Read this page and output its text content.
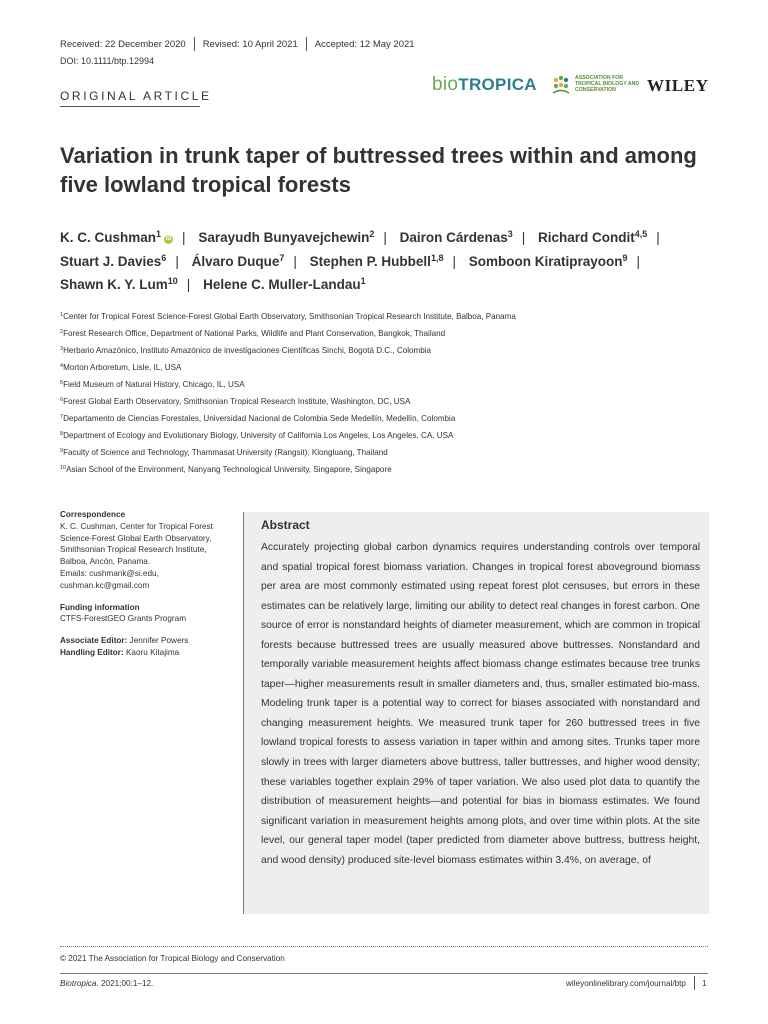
Received: 22 December 2020 Revised: 10 April 2021 Accepted: 12 May 2021
DOI: 10.1111/btp.12994
ORIGINAL ARTICLE
bioTROPICA	ASSOCIATION FOR TROPICAL BIOLOGY AND CONSERVATION	WILEY
Variation in trunk taper of buttressed trees within and among five lowland tropical forests
K. C. Cushman$^1$ iD | Sarayudh Bunyavejchewin$^2$ | Dairon Cárdenas$^3$ | Richard Condit$^{4,5}$ |
Stuart J. Davies$^6$ | Álvaro Duque$^7$ | Stephen P. Hubbell$^{1,8}$ | Somboon Kiratiprayoon$^9$ |
Shawn K. Y. Lum$^{10}$ | Helene C. Muller-Landau$^1$
$^1$Center for Tropical Forest Science-Forest Global Earth Observatory, Smithsonian Tropical Research Institute, Balboa, Panama
$^2$Forest Research Office, Department of National Parks, Wildlife and Plant Conservation, Bangkok, Thailand
$^3$Herbario Amazónico, Instituto Amazónico de investigaciones Científicas Sinchi, Bogotá D.C., Colombia
$^4$Morton Arboretum, Lisle, IL, USA
$^5$Field Museum of Natural History, Chicago, IL, USA
$^6$Forest Global Earth Observatory, Smithsonian Tropical Research Institute, Washington, DC, USA
$^7$Departamento de Ciencias Forestales, Universidad Nacional de Colombia Sede Medellín, Medellín, Colombia
$^8$Department of Ecology and Evolutionary Biology, University of California Los Angeles, Los Angeles, CA, USA
$^9$Faculty of Science and Technology, Thammasat University (Rangsit), Klongluang, Thailand
$^{10}$Asian School of the Environment, Nanyang Technological University, Singapore, Singapore
Correspondence
K. C. Cushman, Center for Tropical Forest
Science-Forest Global Earth Observatory,
Smithsonian Tropical Research Institute,
Balboa, Ancón, Panama.
Emails: cushmank@si.edu,
cushman.kc@gmail.com
Funding information
CTFS-ForestGEO Grants Program
Associate Editor: Jennifer Powers
Handling Editor: Kaoru Kitajima
Abstract
Accurately projecting global carbon dynamics requires understanding controls over temporal and spatial tropical forest biomass variation. Changes in tropical forest aboveground biomass per area are most commonly estimated using repeat forest plot censuses, but errors in these estimates can be relatively large, limiting our ability to detect real changes in forest carbon. One source of error is nonstandard heights of diameter measurement, which are common in tropical forests because buttressed trees are usually measured above buttresses. Nonstandard and temporally variable measurement heights affect biomass change estimates because tree trunks taper—higher measurements result in smaller diameters and, thus, smaller estimated bio-mass. Modeling trunk taper is a potential way to correct for biases associated with nonstandard and changing measurement heights. We measured trunk taper for 260 buttressed trees in five lowland tropical forests to assess variation in taper within and among sites. Trunks taper more slowly in trees with larger diameters above buttress, taller buttresses, and higher wood density; these variables together explain 29% of taper variation. We also used plot data to quantify the distribution of measurement heights—and potential for bias in biomass estimates. We found significant variation in measurement heights among plots, and over time within plots. At the site level, our general taper model (taper predicted from diameter above buttress, buttress height, and wood density) produced site-level biomass estimates within 3.4%, on average, of
© 2021 The Association for Tropical Biology and Conservation
Biotropica. 2021;00:1–12.	wileyonlinelibrary.com/journal/btp 1
